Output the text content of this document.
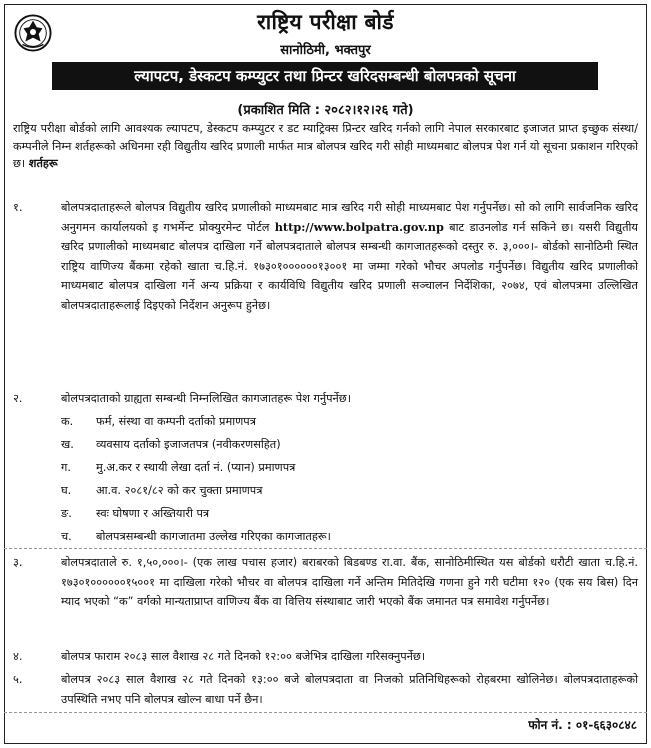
राष्ट्रिय परीक्षा बोर्ड
सानोठिमी, भक्तपुर
ल्यापटप, डेस्कटप कम्प्युटर तथा प्रिन्टर खरिदसम्बन्धी बोलपत्रको सूचना
(प्रकाशित मिति : २०८२।१२।२६ गते)
राष्ट्रिय परीक्षा बोर्डको लागि आवश्यक ल्यापटप, डेस्कटप कम्प्युटर र डट म्याट्रिक्स प्रिन्टर खरिद गर्नको लागि नेपाल सरकारबाट इजाजत प्राप्त इच्छुक संस्था/कम्पनीले निम्न शर्तहरूको अधिनमा रही विद्युतीय खरिद प्रणाली मार्फत मात्र बोलपत्र खरिद गरी सोही माध्यमबाट बोलपत्र पेश गर्न यो सूचना प्रकाशन गरिएको छ। शर्तहरू
१.	बोलपत्रदाताहरूले बोलपत्र विद्युतीय खरिद प्रणालीको माध्यमबाट मात्र खरिद गरी सोही माध्यमबाट पेश गर्नुपर्नेछ। सो को लागि सार्वजनिक खरिद अनुगमन कार्यालयको इ गभर्मेन्ट प्रोक्युरमेन्ट पोर्टल http://www.bolpatra.gov.np बाट डाउनलोड गर्न सकिने छ। यसरी विद्युतीय खरिद प्रणालीको माध्यमबाट बोलपत्र दाखिला गर्ने बोलपत्रदाताले बोलपत्र सम्बन्धी कागजातहरूको दस्तुर रु. ३,०००।- बोर्डको सानोठिमी स्थित राष्ट्रिय वाणिज्य बैंकमा रहेको खाता च.हि.नं. १७३०१००००००१३००१ मा जम्मा गरेको भौचर अपलोड गर्नुपर्नेछ। विद्युतीय खरिद प्रणालीको माध्यमबाट बोलपत्र दाखिला गर्ने अन्य प्रक्रिया र कार्यविधि विद्युतीय खरिद प्रणाली सञ्चालन निर्देशिका, २०७४, एवं बोलपत्रमा उल्लिखित बोलपत्रदाताहरूलाई दिइएको निर्देशन अनुरूप हुनेछ।
२.	बोलपत्रदाताको ग्राह्यता सम्बन्धी निम्नलिखित कागजातहरू पेश गर्नुपर्नेछ।
क. फर्म, संस्था वा कम्पनी दर्ताको प्रमाणपत्र
ख. व्यवसाय दर्ताको इजाजतपत्र (नवीकरणसहित)
ग. मु.अ.कर र स्थायी लेखा दर्ता नं. (प्यान) प्रमाणपत्र
घ. आ.व. २०८१/८२ को कर चुक्ता प्रमाणपत्र
ङ. स्वः घोषणा र अख्तियारी पत्र
च. बोलपत्रसम्बन्धी कागजातमा उल्लेख गरिएका कागजातहरू।
३.	बोलपत्रदाताले रु. १,५०,०००।- (एक लाख पचास हजार) बराबरको बिडबण्ड रा.वा. बैंक, सानोठिमीस्थित यस बोर्डको धरौटी खाता च.हि.नं. १७३०१००००००१५००१ मा दाखिला गरेको भौचर वा बोलपत्र दाखिला गर्ने अन्तिम मितिदेखि गणना हुने गरी घटीमा १२० (एक सय बिस) दिन म्याद भएको “क” वर्गको मान्यताप्राप्त वाणिज्य बैंक वा वित्तिय संस्थाबाट जारी भएको बैंक जमानत पत्र समावेश गर्नुपर्नेछ।
४.	बोलपत्र फाराम २०८३ साल वैशाख २८ गते दिनको १२:०० बजेभित्र दाखिला गरिसक्नुपर्नेछ।
५.	बोलपत्र २०८३ साल वैशाख २८ गते दिनको १३:०० बजे बोलपत्रदाता वा निजको प्रतिनिधिहरूको रोहबरमा खोलिनेछ। बोलपत्रदाताहरूको उपस्थिति नभए पनि बोलपत्र खोल्न बाधा पर्ने छैन।
फोन नं. : ०१-६६३०८४८
